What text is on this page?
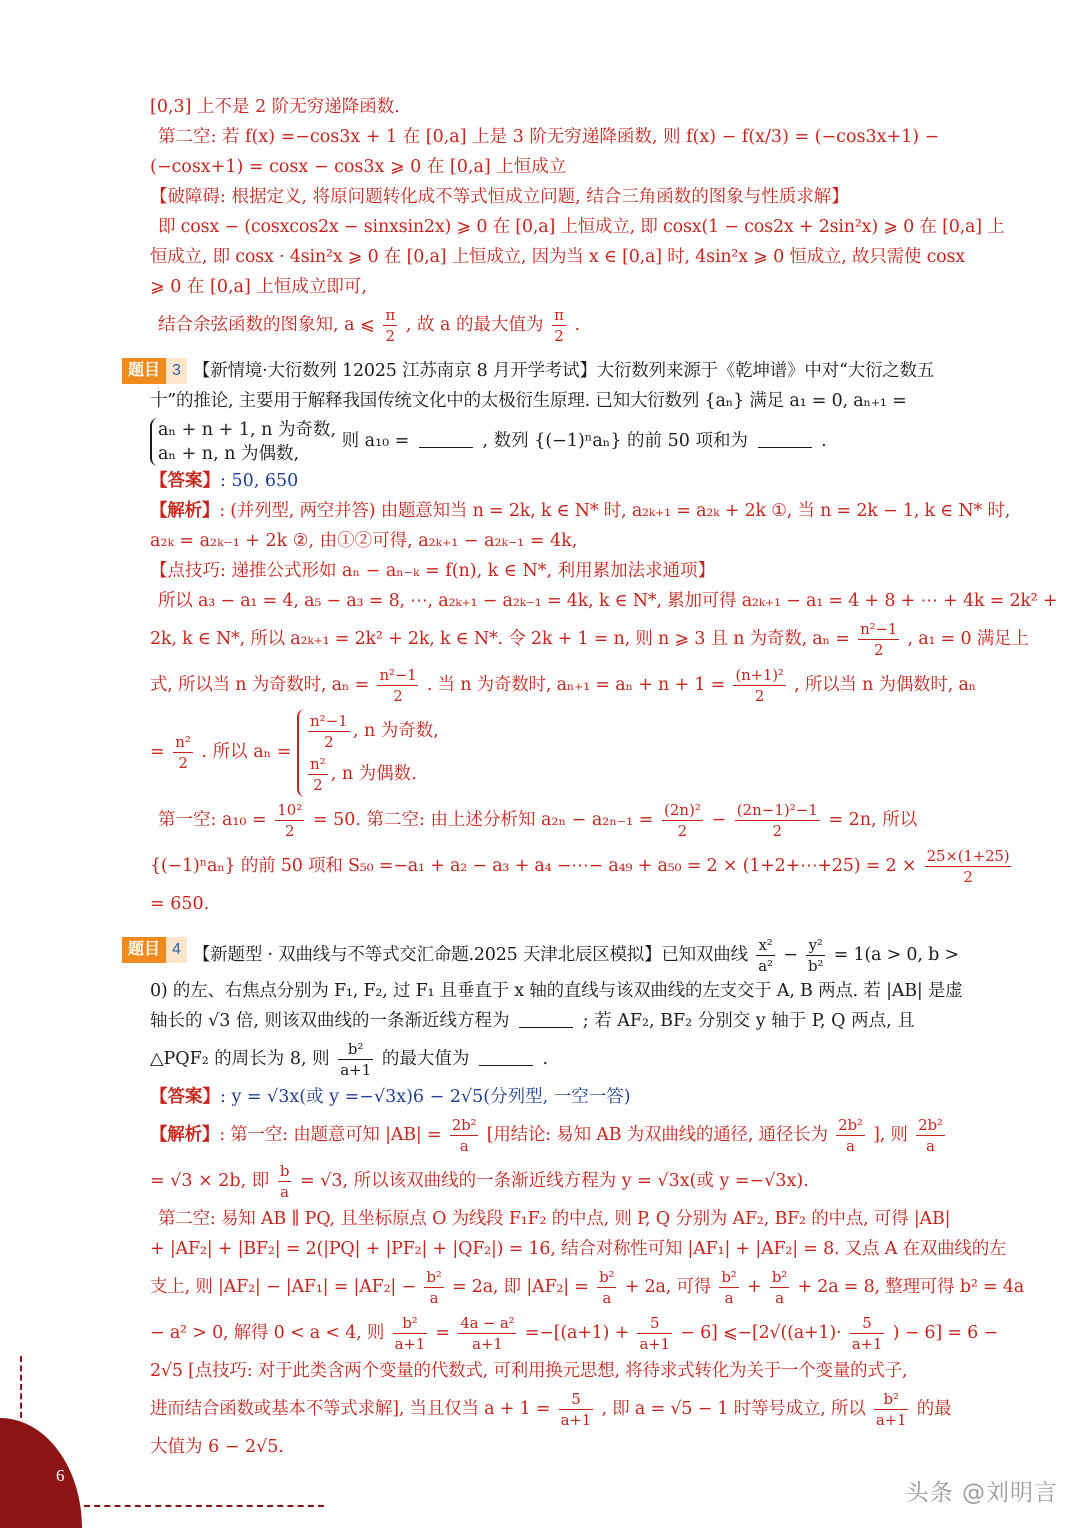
[0,3] 上不是 2 阶无穷递降函数.

第二空: 若 f(x) =−cos3x + 1 在 [0,a] 上是 3 阶无穷递降函数, 则 f(x) − f(x/3) = (−cos3x+1) −

(−cosx+1) = cosx − cos3x ⩾ 0 在 [0,a] 上恒成立

【破障碍: 根据定义, 将原问题转化成不等式恒成立问题, 结合三角函数的图象与性质求解】

即 cosx − (cosxcos2x − sinxsin2x) ⩾ 0 在 [0,a] 上恒成立, 即 cosx(1 − cos2x + 2sin²x) ⩾ 0 在 [0,a] 上

恒成立, 即 cosx · 4sin²x ⩾ 0 在 [0,a] 上恒成立, 因为当 x ∈ [0,a] 时, 4sin²x ⩾ 0 恒成立, 故只需使 cosx

⩾ 0 在 [0,a] 上恒成立即可,

结合余弦函数的图象知, a ⩽ $\frac{\pi}{2}$ , 故 a 的最大值为 $\frac{\pi}{2}$ .

题目 3 【新情境·大衍数列 12025 江苏南京 8 月开学考试】大衍数列来源于《乾坤谱》中对“大衍之数五

十”的推论, 主要用于解释我国传统文化中的太极衍生原理. 已知大衍数列 {aₙ} 满足 a₁ = 0, aₙ₊₁ =

aₙ + n + 1, n 为奇数,
aₙ + n, n 为偶数,
则 a₁₀ =	, 数列 {(−1)ⁿaₙ} 的前 50 项和为	.

【答案】: 50, 650

【解析】: (并列型, 两空并答) 由题意知当 n = 2k, k ∈ N* 时, a₂ₖ₊₁ = a₂ₖ + 2k ①, 当 n = 2k − 1, k ∈ N* 时,

a₂ₖ = a₂ₖ₋₁ + 2k ②, 由①②可得, a₂ₖ₊₁ − a₂ₖ₋₁ = 4k,

【点技巧: 递推公式形如 aₙ − aₙ₋ₖ = f(n), k ∈ N*, 利用累加法求通项】

所以 a₃ − a₁ = 4, a₅ − a₃ = 8, ⋯, a₂ₖ₊₁ − a₂ₖ₋₁ = 4k, k ∈ N*, 累加可得 a₂ₖ₊₁ − a₁ = 4 + 8 + ⋯ + 4k = 2k² +

2k, k ∈ N*, 所以 a₂ₖ₊₁ = 2k² + 2k, k ∈ N*. 令 2k + 1 = n, 则 n ⩾ 3 且 n 为奇数, $a_n = \frac{\text{n²−1}}{2}$ , a₁ = 0 满足上

式, 所以当 n 为奇数时, $a_n = \frac{\text{n²−1}}{2}$ . 当 n 为奇数时, $a_{n+1} = a_n + n + 1 = \frac{\text{(n+1)²}}{2}$ , 所以当 n 为偶数时, aₙ

= $\frac{\text{n²}}{2}$ . 所以 aₙ =
$\frac{\text{n²−1}}{2}$ , n 为奇数,
$\frac{\text{n²}}{2}$ , n 为偶数.

第一空: $a_{10} = \frac{\text{10²}}{2} = 50$. 第二空: 由上述分析知 $a_{2n} - a_{2n-1} = \frac{\text{(2n)²}}{2} - \frac{\text{(2n−1)²−1}}{2} = 2n$, 所以

{(−1)ⁿaₙ} 的前 50 项和 S₅₀ =−a₁ + a₂ − a₃ + a₄ −⋯− a₄₉ + a₅₀ = 2 × (1+2+⋯+25) = $2 \times \frac{25\times(1+25)}{2}$

= 650.

题目 4 【新题型 · 双曲线与不等式交汇命题.2025 天津北辰区模拟】已知双曲线 $\frac{\text{x²}}{\text{a²}} - \frac{\text{y²}}{\text{b²}} = 1(a > 0$, b >

0) 的左、右焦点分别为 F₁, F₂, 过 F₁ 且垂直于 x 轴的直线与该双曲线的左支交于 A, B 两点. 若 |AB| 是虚

轴长的 √3 倍, 则该双曲线的一条渐近线方程为	; 若 AF₂, BF₂ 分别交 y 轴于 P, Q 两点, 且

△PQF₂ 的周长为 8, 则 $\frac{\text{b²}}{a+1}$ 的最大值为	.

【答案】: y = √3x(或 y =−√3x)6 − 2√5(分列型, 一空一答)

【解析】: 第一空: 由题意可知 $|AB| = \frac{\text{2b²}}{a}$ [用结论: 易知 AB 为双曲线的通径, 通径长为 $\frac{\text{2b²}}{a}$ ], 则 $\frac{\text{2b²}}{a}$

= √3 × 2b, 即 $\frac{b}{a} = √3$, 所以该双曲线的一条渐近线方程为 y = √3x(或 y =−√3x).

第二空: 易知 AB ∥ PQ, 且坐标原点 O 为线段 F₁F₂ 的中点, 则 P, Q 分别为 AF₂, BF₂ 的中点, 可得 |AB|

+ |AF₂| + |BF₂| = 2(|PQ| + |PF₂| + |QF₂|) = 16, 结合对称性可知 |AF₁| + |AF₂| = 8. 又点 A 在双曲线的左

支上, 则 $|AF_2| - |AF_1| = |AF_2| - \frac{\text{b²}}{a} = 2a$, 即 $|AF_2| = \frac{\text{b²}}{a} + 2a$, 可得 $\frac{\text{b²}}{a} + \frac{\text{b²}}{a} + 2a = 8$, 整理可得 b² = 4a

− a² > 0, 解得 0 < a < 4, 则 $\frac{\text{b²}}{a+1} = \frac{\text{4a − a²}}{a+1} =-[(a+1) + \frac{5}{a+1} - 6]$ ⩽−[2√((a+1)· $\frac{5}{a+1}$ ) − 6] = 6 −

2√5 [点技巧: 对于此类含两个变量的代数式, 可利用换元思想, 将待求式转化为关于一个变量的式子,

进而结合函数或基本不等式求解], 当且仅当 $a + 1 = \frac{5}{a+1}$ , 即 a = √5 − 1 时等号成立, 所以 $\frac{\text{b²}}{a+1}$ 的最

大值为 6 − 2√5.

6
头条 @刘明言
